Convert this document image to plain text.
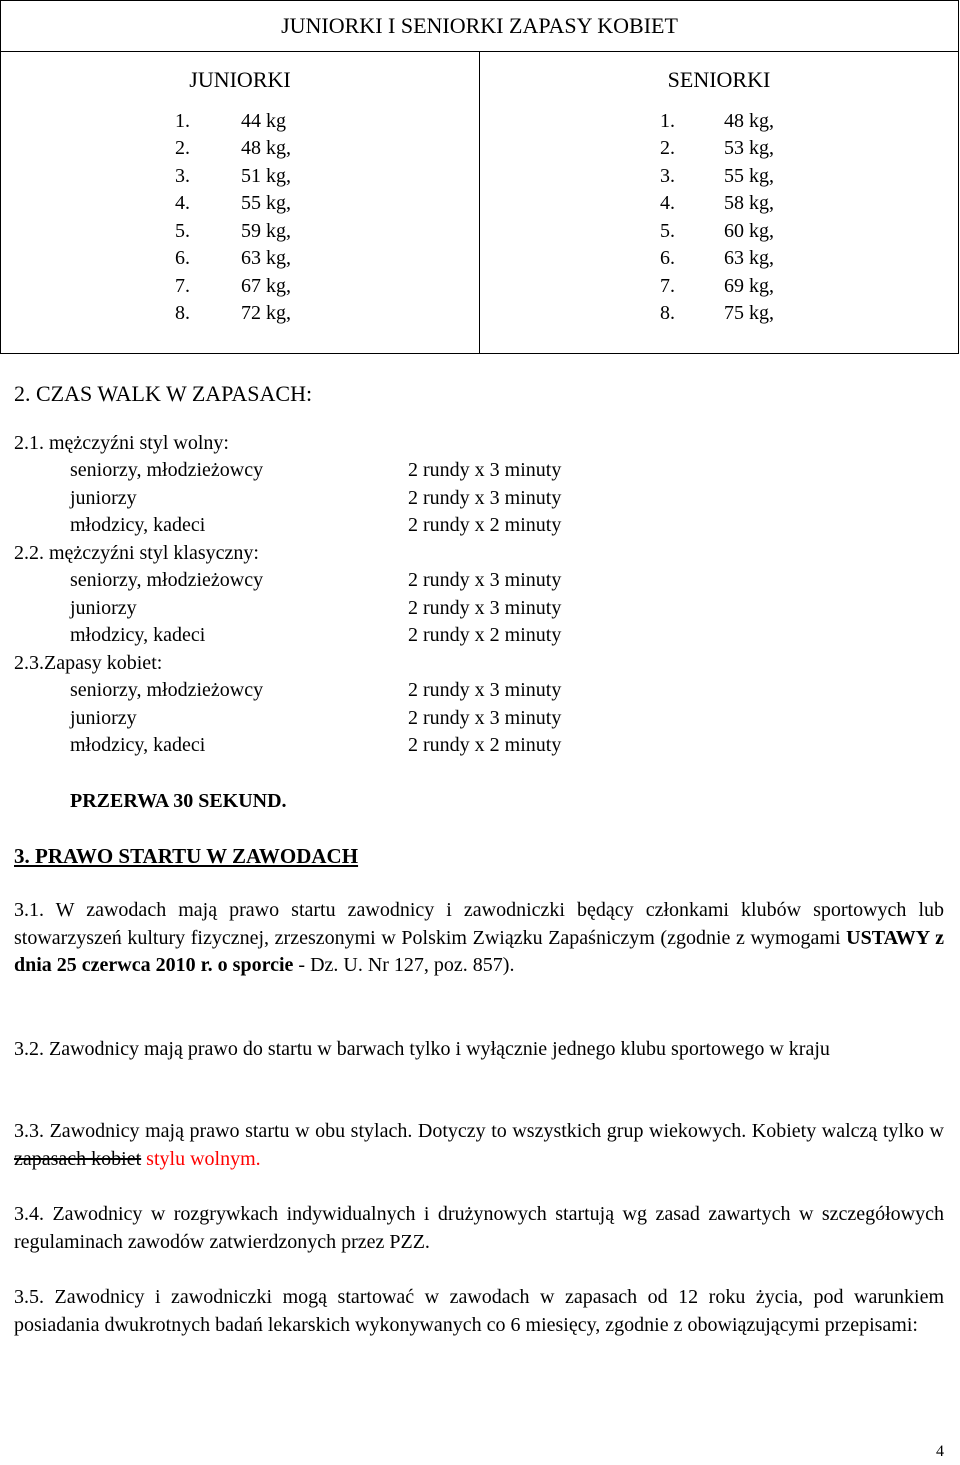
JUNIORKI I SENIORKI ZAPASY KOBIET

JUNIORKI
1.	44 kg
2.	48 kg,
3.	51 kg,
4.	55 kg,
5.	59 kg,
6.	63 kg,
7.	67 kg,
8.	72 kg,

SENIORKI
1. 48 kg,
2. 53 kg,
3. 55 kg,
4. 58 kg,
5. 60 kg,
6. 63 kg,
7. 69 kg,
8. 75 kg,
2. CZAS WALK W ZAPASACH:
2.1. mężczyźni styl wolny:
seniorzy, młodzieżowcy	2 rundy x 3 minuty
juniorzy	2 rundy x 3 minuty
młodzicy, kadeci	2 rundy x 2 minuty
2.2. mężczyźni styl klasyczny:
seniorzy, młodzieżowcy	2 rundy x 3 minuty
juniorzy	2 rundy x 3 minuty
młodzicy, kadeci	2 rundy x 2 minuty
2.3.Zapasy kobiet:
seniorzy, młodzieżowcy	2 rundy x 3 minuty
juniorzy	2 rundy x 3 minuty
młodzicy, kadeci	2 rundy x 2 minuty
PRZERWA 30 SEKUND.
3. PRAWO STARTU W ZAWODACH
3.1. W zawodach mają prawo startu zawodnicy i zawodniczki będący członkami klubów sportowych lub stowarzyszeń kultury fizycznej, zrzeszonymi w Polskim Związku Zapaśniczym (zgodnie z wymogami USTAWY z dnia 25 czerwca 2010 r. o sporcie - Dz. U. Nr 127, poz. 857).
3.2. Zawodnicy mają prawo do startu w barwach tylko i wyłącznie jednego klubu sportowego w kraju
3.3. Zawodnicy mają prawo startu w obu stylach. Dotyczy to wszystkich grup wiekowych. Kobiety walczą tylko w zapasach kobiet stylu wolnym.
3.4. Zawodnicy w rozgrywkach indywidualnych i drużynowych startują wg zasad zawartych w szczegółowych regulaminach zawodów zatwierdzonych przez PZZ.
3.5. Zawodnicy i zawodniczki mogą startować w zawodach w zapasach od 12 roku życia, pod warunkiem posiadania dwukrotnych badań lekarskich wykonywanych co 6 miesięcy, zgodnie z obowiązującymi przepisami:
4
